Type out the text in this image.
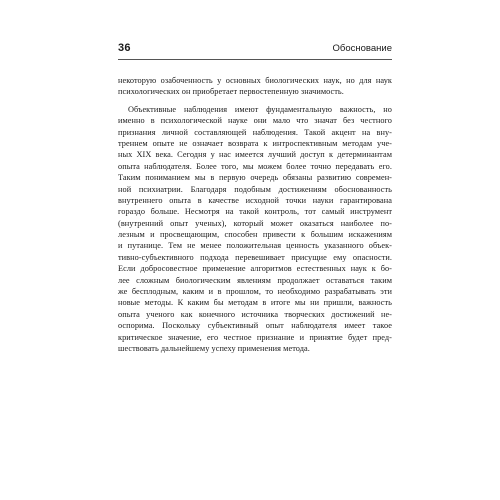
36	Обоснование
некоторую озабоченность у основных биологических наук, но для наук
психологических он приобретает первостепенную значимость.
Объективные наблюдения имеют фундаментальную важность, но
именно в психологической науке они мало что значат без честного
признания личной составляющей наблюдения. Такой акцент на вну-
треннем опыте не означает возврата к интроспективным методам уче-
ных XIX века. Сегодня у нас имеется лучший доступ к детерминантам
опыта наблюдателя. Более того, мы можем более точно передавать его.
Таким пониманием мы в первую очередь обязаны развитию современ-
ной психиатрии. Благодаря подобным достижениям обоснованность
внутреннего опыта в качестве исходной точки науки гарантирована
гораздо больше. Несмотря на такой контроль, тот самый инструмент
(внутренний опыт ученых), который может оказаться наиболее по-
лезным и просвещающим, способен привести к большим искажениям
и путанице. Тем не менее положительная ценность указанного объек-
тивно-субъективного подхода перевешивает присущие ему опасности.
Если добросовестное применение алгоритмов естественных наук к бо-
лее сложным биологическим явлениям продолжает оставаться таким
же бесплодным, каким и в прошлом, то необходимо разрабатывать эти
новые методы. К каким бы методам в итоге мы ни пришли, важность
опыта ученого как конечного источника творческих достижений не-
оспорима. Поскольку субъективный опыт наблюдателя имеет такое
критическое значение, его честное признание и принятие будет пред-
шествовать дальнейшему успеху применения метода.
